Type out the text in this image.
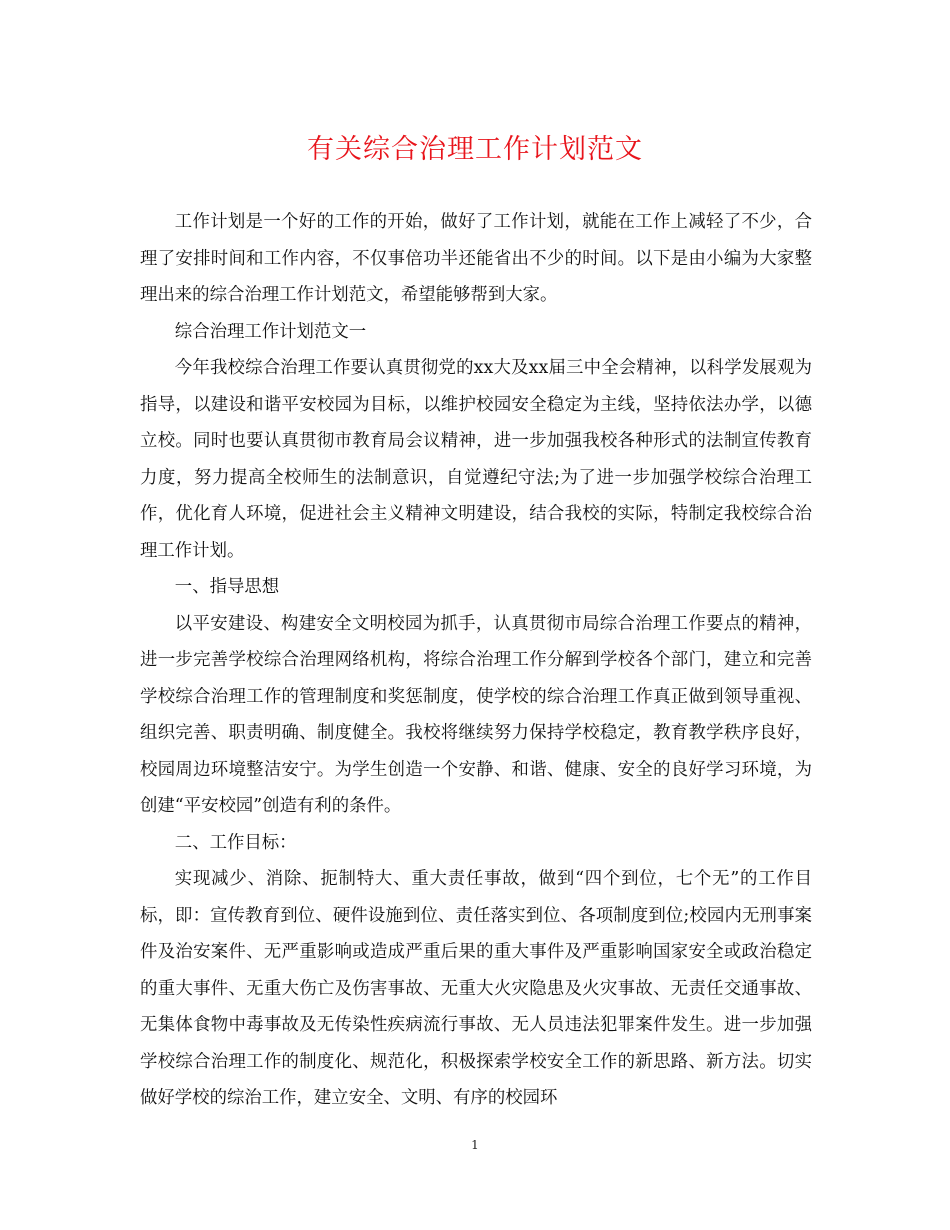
有关综合治理工作计划范文

工作计划是一个好的工作的开始，做好了工作计划，就能在工作上减轻了不少，合理了安排时间和工作内容，不仅事倍功半还能省出不少的时间。以下是由小编为大家整理出来的综合治理工作计划范文，希望能够帮到大家。

综合治理工作计划范文一

今年我校综合治理工作要认真贯彻党的xx大及xx届三中全会精神，以科学发展观为指导，以建设和谐平安校园为目标，以维护校园安全稳定为主线，坚持依法办学，以德立校。同时也要认真贯彻市教育局会议精神，进一步加强我校各种形式的法制宣传教育力度，努力提高全校师生的法制意识，自觉遵纪守法;为了进一步加强学校综合治理工作，优化育人环境，促进社会主义精神文明建设，结合我校的实际，特制定我校综合治理工作计划。

一、指导思想

以平安建设、构建安全文明校园为抓手，认真贯彻市局综合治理工作要点的精神，进一步完善学校综合治理网络机构，将综合治理工作分解到学校各个部门，建立和完善学校综合治理工作的管理制度和奖惩制度，使学校的综合治理工作真正做到领导重视、组织完善、职责明确、制度健全。我校将继续努力保持学校稳定，教育教学秩序良好，校园周边环境整洁安宁。为学生创造一个安静、和谐、健康、安全的良好学习环境，为创建“平安校园”创造有利的条件。

二、工作目标：

实现减少、消除、扼制特大、重大责任事故，做到“四个到位，七个无”的工作目标，即：宣传教育到位、硬件设施到位、责任落实到位、各项制度到位;校园内无刑事案件及治安案件、无严重影响或造成严重后果的重大事件及严重影响国家安全或政治稳定的重大事件、无重大伤亡及伤害事故、无重大火灾隐患及火灾事故、无责任交通事故、无集体食物中毒事故及无传染性疾病流行事故、无人员违法犯罪案件发生。进一步加强学校综合治理工作的制度化、规范化，积极探索学校安全工作的新思路、新方法。切实做好学校的综治工作，建立安全、文明、有序的校园环

1
